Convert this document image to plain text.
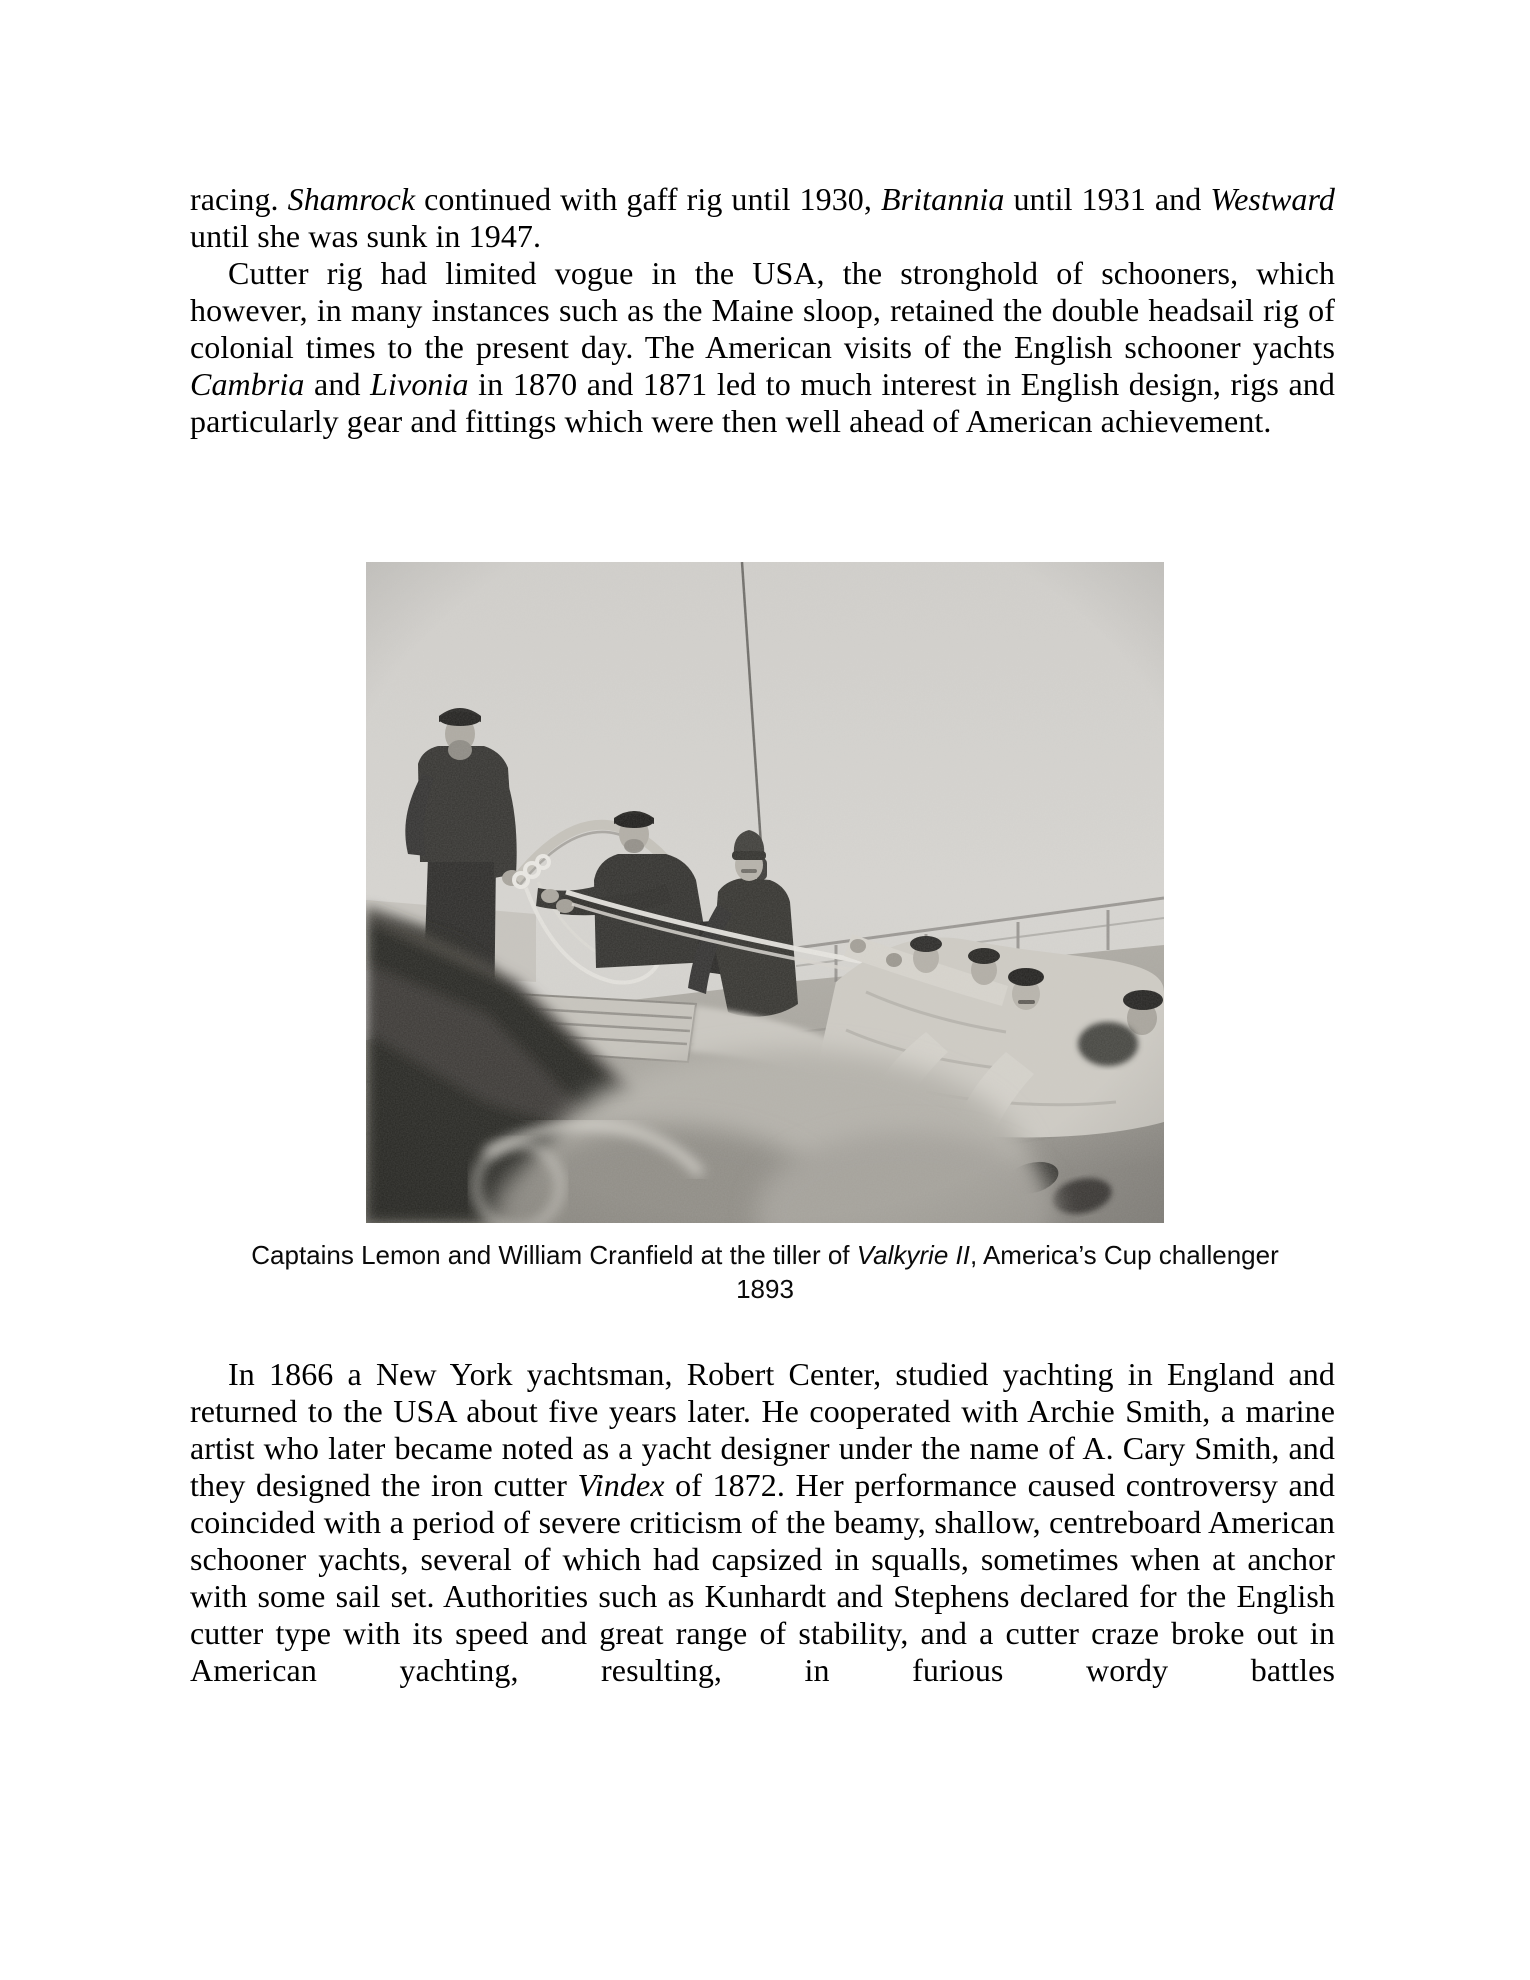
racing. Shamrock continued with gaff rig until 1930, Britannia until 1931 and Westward until she was sunk in 1947.

Cutter rig had limited vogue in the USA, the stronghold of schooners, which however, in many instances such as the Maine sloop, retained the double headsail rig of colonial times to the present day. The American visits of the English schooner yachts Cambria and Livonia in 1870 and 1871 led to much interest in English design, rigs and particularly gear and fittings which were then well ahead of American achievement.

Captains Lemon and William Cranfield at the tiller of Valkyrie II, America’s Cup challenger
1893

In 1866 a New York yachtsman, Robert Center, studied yachting in England and returned to the USA about five years later. He cooperated with Archie Smith, a marine artist who later became noted as a yacht designer under the name of A. Cary Smith, and they designed the iron cutter Vindex of 1872. Her performance caused controversy and coincided with a period of severe criticism of the beamy, shallow, centreboard American schooner yachts, several of which had capsized in squalls, sometimes when at anchor with some sail set. Authorities such as Kunhardt and Stephens declared for the English cutter type with its speed and great range of stability, and a cutter craze broke out in American yachting, resulting, in furious wordy battles
